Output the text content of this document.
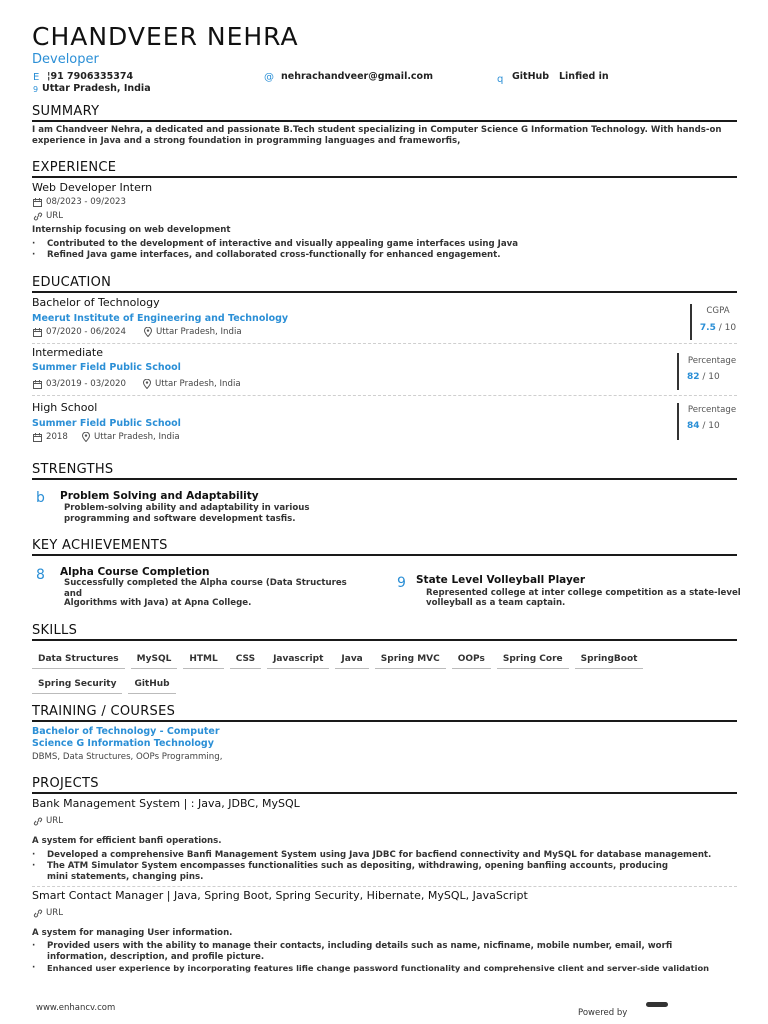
CHANDVEER NEHRA
Developer
E ¦91 7906335374	@ nehrachandveer@gmail.com	q GitHub Linfied in
9 Uttar Pradesh, India
SUMMARY
I am Chandveer Nehra, a dedicated and passionate B.Tech student specializing in Computer Science G Information Technology. With hands-on experience in Java and a strong foundation in programming languages and frameworfis,
EXPERIENCE
Web Developer Intern
08/2023 - 09/2023
URL
Internship focusing on web development
· Contributed to the development of interactive and visually appealing game interfaces using Java
· Refined Java game interfaces, and collaborated cross-functionally for enhanced engagement.
EDUCATION
Bachelor of Technology
Meerut Institute of Engineering and Technology
07/2020 - 06/2024	Uttar Pradesh, India
CGPA
7.5 / 10
Intermediate
Summer Field Public School
03/2019 - 03/2020	Uttar Pradesh, India
Percentage
82 / 10
High School
Summer Field Public School
2018	Uttar Pradesh, India
Percentage
84 / 10
STRENGTHS
b Problem Solving and Adaptability
Problem-solving ability and adaptability in various programming and software development tasfis.
KEY ACHIEVEMENTS
8 Alpha Course Completion
Successfully completed the Alpha course (Data Structures and
Algorithms with Java) at Apna College.
9 State Level Volleyball Player
Represented college at inter college competition as a state-level
volleyball as a team captain.
SKILLS
Data Structures MySQL HTML CSS Javascript Java Spring MVC OOPs Spring Core SpringBoot
Spring Security GitHub
TRAINING / COURSES
Bachelor of Technology - Computer Science G Information Technology
DBMS, Data Structures, OOPs Programming,
PROJECTS
Bank Management System | : Java, JDBC, MySQL
URL
A system for efficient banfi operations.
· Developed a comprehensive Banfi Management System using Java JDBC for bacfiend connectivity and MySQL for database management.
· The ATM Simulator System encompasses functionalities such as depositing, withdrawing, opening banfiing accounts, producing mini statements, changing pins.
Smart Contact Manager | Java, Spring Boot, Spring Security, Hibernate, MySQL, JavaScript
URL
A system for managing User information.
· Provided users with the ability to manage their contacts, including details such as name, nicfiname, mobile number, email, worfi information, description, and profile picture.
· Enhanced user experience by incorporating features lifie change password functionality and comprehensive client and server-side validation
www.enhancv.com	Powered by
